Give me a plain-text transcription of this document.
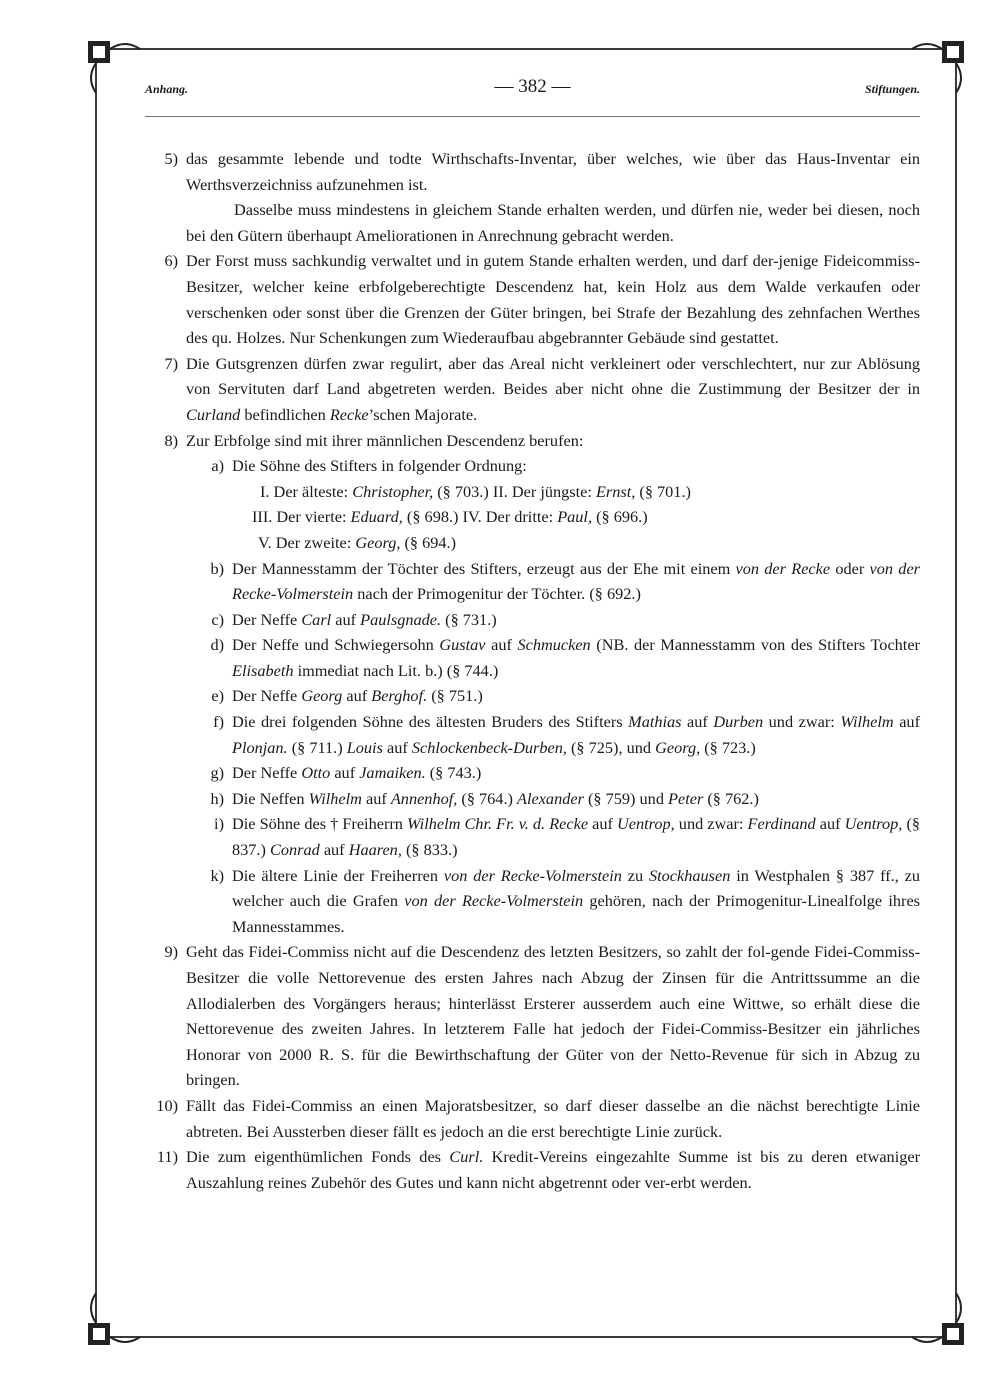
Anhang.	— 382 —	Stiftungen.
5) das gesammte lebende und todte Wirthschafts-Inventar, über welches, wie über das Haus-Inventar ein Werthsverzeichniss aufzunehmen ist.
Dasselbe muss mindestens in gleichem Stande erhalten werden, und dürfen nie, weder bei diesen, noch bei den Gütern überhaupt Ameliorationen in Anrechnung gebracht werden.
6) Der Forst muss sachkundig verwaltet und in gutem Stande erhalten werden, und darf der-jenige Fideicommiss-Besitzer, welcher keine erbfolgeberechtigte Descendenz hat, kein Holz aus dem Walde verkaufen oder verschenken oder sonst über die Grenzen der Güter bringen, bei Strafe der Bezahlung des zehnfachen Werthes des qu. Holzes. Nur Schenkungen zum Wiederaufbau abgebrannter Gebäude sind gestattet.
7) Die Gutsgrenzen dürfen zwar regulirt, aber das Areal nicht verkleinert oder verschlechtert, nur zur Ablösung von Servituten darf Land abgetreten werden. Beides aber nicht ohne die Zustimmung der Besitzer der in Curland befindlichen Recke’schen Majorate.
8) Zur Erbfolge sind mit ihrer männlichen Descendenz berufen:
a) Die Söhne des Stifters in folgender Ordnung:
I. Der älteste: Christopher, (§ 703.) II. Der jüngste: Ernst, (§ 701.)
III. Der vierte: Eduard, (§ 698.) IV. Der dritte: Paul, (§ 696.)
V. Der zweite: Georg, (§ 694.)
b) Der Mannesstamm der Töchter des Stifters, erzeugt aus der Ehe mit einem von der Recke oder von der Recke-Volmerstein nach der Primogenitur der Töchter. (§ 692.)
c) Der Neffe Carl auf Paulsgnade. (§ 731.)
d) Der Neffe und Schwiegersohn Gustav auf Schmucken (NB. der Mannesstamm von des Stifters Tochter Elisabeth immediat nach Lit. b.) (§ 744.)
e) Der Neffe Georg auf Berghof. (§ 751.)
f) Die drei folgenden Söhne des ältesten Bruders des Stifters Mathias auf Durben und zwar: Wilhelm auf Plonjan. (§ 711.) Louis auf Schlockenbeck-Durben, (§ 725), und Georg, (§ 723.)
g) Der Neffe Otto auf Jamaiken. (§ 743.)
h) Die Neffen Wilhelm auf Annenhof, (§ 764.) Alexander (§ 759) und Peter (§ 762.)
i) Die Söhne des † Freiherrn Wilhelm Chr. Fr. v. d. Recke auf Uentrop, und zwar: Ferdinand auf Uentrop, (§ 837.) Conrad auf Haaren, (§ 833.)
k) Die ältere Linie der Freiherren von der Recke-Volmerstein zu Stockhausen in Westphalen § 387 ff., zu welcher auch die Grafen von der Recke-Volmerstein gehören, nach der Primogenitur-Linealfolge ihres Mannesstammes.
9) Geht das Fidei-Commiss nicht auf die Descendenz des letzten Besitzers, so zahlt der fol-gende Fidei-Commiss-Besitzer die volle Nettorevenue des ersten Jahres nach Abzug der Zinsen für die Antrittssumme an die Allodialerben des Vorgängers heraus; hinterlässt Ersterer ausserdem auch eine Wittwe, so erhält diese die Nettorevenue des zweiten Jahres. In letzterem Falle hat jedoch der Fidei-Commiss-Besitzer ein jährliches Honorar von 2000 R. S. für die Bewirthschaftung der Güter von der Netto-Revenue für sich in Abzug zu bringen.
10) Fällt das Fidei-Commiss an einen Majoratsbesitzer, so darf dieser dasselbe an die nächst berechtigte Linie abtreten. Bei Aussterben dieser fällt es jedoch an die erst berechtigte Linie zurück.
11) Die zum eigenthümlichen Fonds des Curl. Kredit-Vereins eingezahlte Summe ist bis zu deren etwaniger Auszahlung reines Zubehör des Gutes und kann nicht abgetrennt oder ver-erbt werden.
